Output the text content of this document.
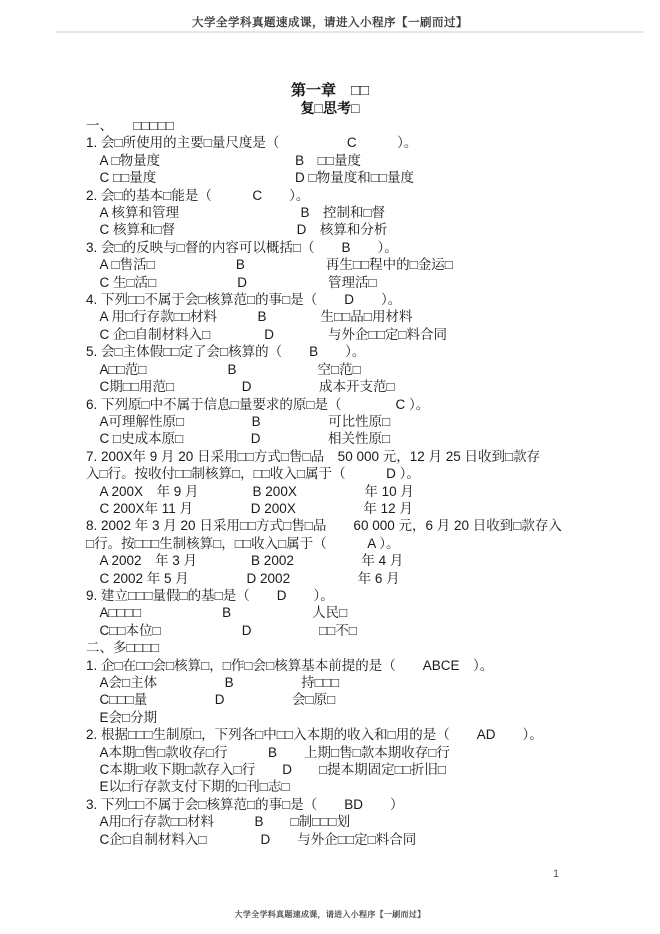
大学全学科真题速成课，请进入小程序【一刷而过】
第一章　□□
复□思考□
一、　　□□□□□
1. 会□所使用的主要□量尺度是（　　　　　C　　　）。
　A □物量度　　　　　　　　　　B　□□量度
　C □□量度　　　　　　　　　　 D □物量度和□□量度
2. 会□的基本□能是（　　　C　　）。
　A 核算和管理　　　　　　　　　B　控制和□督
　C 核算和□督　　　　　　　　　D　核算和分析
3. 会□的反映与□督的内容可以概括□（　　B　　）。
　A □售活□　　　　　　B　　　　　　再生□□程中的□金运□
　C 生□活□　　　　　　D　　　　　　管理活□
4. 下列□□不属于会□核算范□的事□是（　　D　　）。
　A 用□行存款□□材料　　　B　　　　生□□品□用材料
　C 企□自制材料入□　　　　D　　　　与外企□□定□料合同
5. 会□主体假□□定了会□核算的（　　B　　）。
　A□□范□　　　　　　B　　　　　　空□范□
　C期□□用范□　　　　　D　　　　　成本开支范□
6. 下列原□中不属于信息□量要求的原□是（　　　　C ）。
　A可理解性原□　　　　　B　　　　　可比性原□
　C □史成本原□　　　　　D　　　　　相关性原□
7. 200X年 9 月 20 日采用□□方式□售□品　50 000 元，12 月 25 日收到□款存
入□行。按收付□□制核算□，□□收入□属于（　　　D ）。
　A 200X　年 9 月　　　　B 200X　　　　　年 10 月
　C 200X年 11 月　　　　 D 200X　　　　　年 12 月
8. 2002 年 3 月 20 日采用□□方式□售□品　　60 000 元，6 月 20 日收到□款存入
□行。按□□□生制核算□，□□收入□属于（　　　A ）。
　A 2002　年 3 月　　　　B 2002　　　　　年 4 月
　C 2002 年 5 月　　　　 D 2002　　　　　年 6 月
9. 建立□□□量假□的基□是（　　D　　）。
　A□□□□　　　　　　B　　　　　　人民□
　C□□本位□　　　　　　D　　　　　□□不□
二、多□□□□
1. 企□在□□会□核算□，□作□会□核算基本前提的是（　　ABCE　）。
　A会□主体　　　　　B　　　　　持□□□
　C□□□量　　　　　D　　　　　会□原□
　E会□分期
2. 根据□□□生制原□，下列各□中□□入本期的收入和□用的是（　　AD　　）。
　A本期□售□款收存□行　　　B　　上期□售□款本期收存□行
　C本期□收下期□款存入□行　　D　　□提本期固定□□折旧□
　E以□行存款支付下期的□刊□志□
3. 下列□□不属于会□核算范□的事□是（　　BD　　）
　A用□行存款□□材料　　　B　　□制□□□划
　C企□自制材料入□　　　　D　　与外企□□定□料合同
1
大学全学科真题速成课，请进入小程序【一刷而过】
